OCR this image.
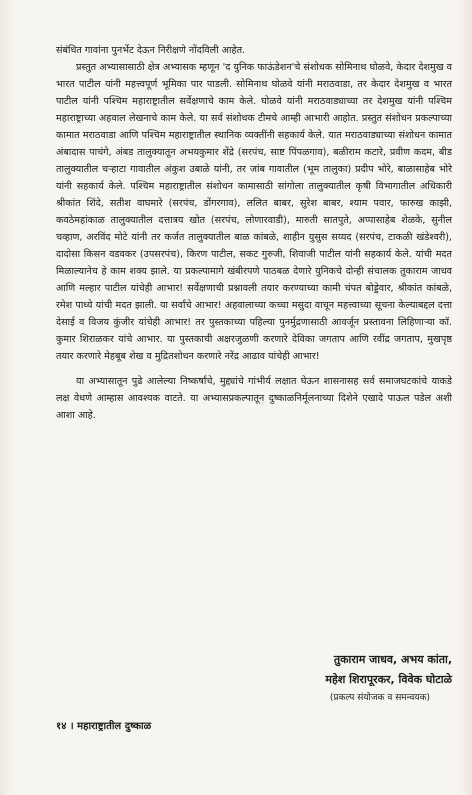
संबंधित गावांना पुनर्भेट देऊन निरीक्षणे नोंदविली आहेत.

प्रस्तुत अभ्यासासाठी क्षेत्र अभ्यासक म्हणून 'द युनिक फाऊंडेशन'चे संशोधक सोमिनाथ घोळवे, केदार देशमुख व भारत पाटील यांनी महत्त्वपूर्ण भूमिका पार पाडली. सोमिनाथ घोळवे यांनी मराठवाडा, तर केदार देशमुख व भारत पाटील यांनी पश्चिम महाराष्ट्रातील सर्वेक्षणाचे काम केले. घोळवे यांनी मराठवाड्याच्या तर देशमुख यांनी पश्चिम महाराष्ट्राच्या अहवाल लेखनाचे काम केले. या सर्व संशोधक टीमचे आम्ही आभारी आहोत. प्रस्तुत संशोधन प्रकल्पाच्या कामात मराठवाडा आणि पश्चिम महाराष्ट्रातील स्थानिक व्यक्तींनी सहकार्य केले. यात मराठवाड्याच्या संशोधन कामात अंबादास पाचंगे, अंबड तालुक्यातून अभयकुमार शेंद्रे (सरपंच, साष्ट पिंपळगाव), बळीराम कटारे, प्रवीण कदम, बीड तालुक्यातील चऱ्हाटा गावातील अंकुश उबाळे यांनी, तर जांब गावातील (भूम तालुका) प्रदीप भोरे, बाळासाहेब भोरे यांनी सहकार्य केले. पश्चिम महाराष्ट्रातील संशोधन कामासाठी सांगोला तालुक्यातील कृषी विभागातील अधिकारी श्रीकांत शिंदे, सतीश वाघमारे (सरपंच, डोंगरगाव), ललित बाबर, सुरेश बाबर, श्याम पवार, फारुख काझी, कवठेमहांकाळ तालुक्यातील दत्तात्रय खोत (सरपंच, लोणारवाडी), मारुती सातपुते, अप्पासाहेब शेळके, सुनील चव्हाण, अरविंद मोटे यांनी तर कर्जत तालुक्यातील बाळ कांबळे, शाहीन युसुस सय्यद (सरपंच, टाकळी खंडेश्वरी), दादोसा किसन वडवकर (उपसरपंच), किरण पाटील, सकट गुरुजी, शिवाजी पाटील यांनी सहकार्य केले. यांची मदत मिळाल्यानेच हे काम शक्य झाले. या प्रकल्पामागे खंबीरपणे पाठबळ देणारे युनिकचे दोन्ही संचालक तुकाराम जाधव आणि मल्हार पाटील यांचेही आभार! सर्वेक्षणाची प्रश्नावली तयार करण्याच्या कामी चंपत बोड्डेवार, श्रीकांत कांबळे, रमेश पाध्ये यांची मदत झाली. या सर्वांचे आभार! अहवालाच्या कच्चा मसुदा वाचून महत्त्वाच्या सूचना केल्याबद्दल दत्ता देसाई व विजय कुंजीर यांचेही आभार! तर पुस्तकाच्या पहिल्या पुनर्मुद्रणासाठी आवर्जून प्रस्तावना लिहिणाऱ्या कॉ. कुमार शिराळकर यांचे आभार. या पुस्तकाची अक्षरजुळणी करणारे देविका जगताप आणि रवींद्र जगताप, मुखपृष्ठ तयार करणारे मेहबूब शेख व मुद्रितशोधन करणारे नरेंद्र आढाव यांचेही आभार!

या अभ्यासातून पुढे आलेल्या निष्कर्षांचे, मुद्द्यांचे गांभीर्य लक्षात घेऊन शासनासह सर्व समाजघटकांचे याकडे लक्ष वेधणे आम्हास आवश्यक वाटते. या अभ्यासप्रकल्पातून दुष्काळनिर्मूलनाच्या दिशेने एखादे पाऊल पडेल अशी आशा आहे.

तुकाराम जाधव, अभय कांता,
महेश शिरापूरकर, विवेक घोटाळे
(प्रकल्प संयोजक व समन्वयक)
१४ । महाराष्ट्रातील दुष्काळ
